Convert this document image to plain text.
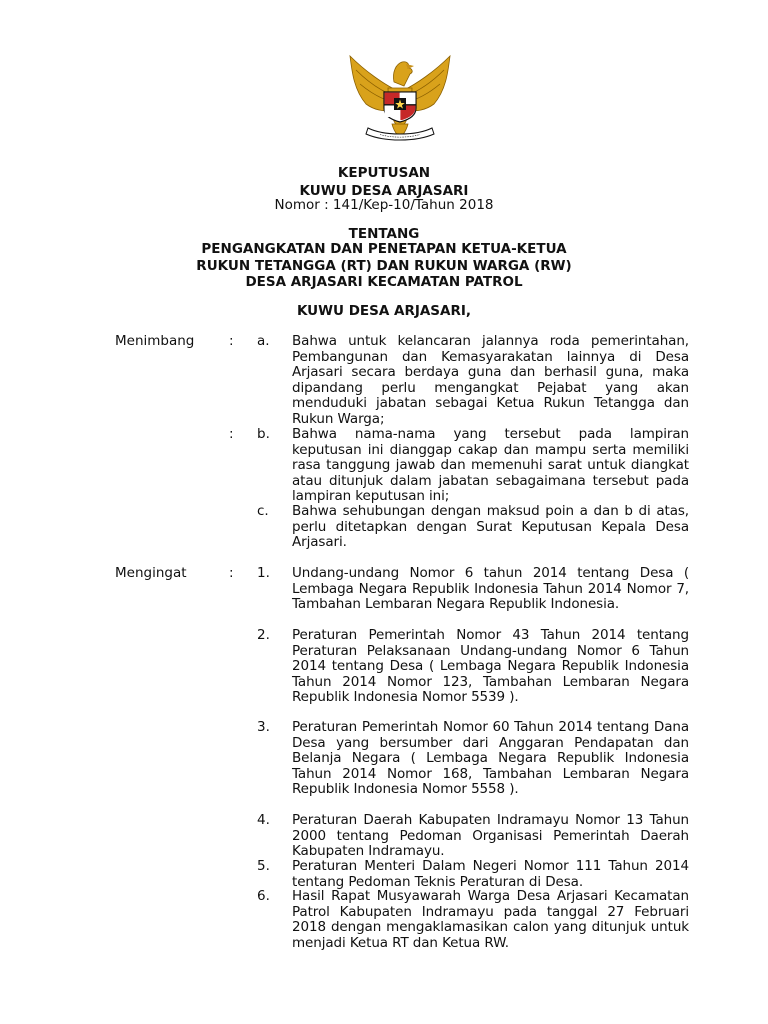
KEPUTUSAN
KUWU DESA ARJASARI
Nomor : 141/Kep-10/Tahun 2018
TENTANG
PENGANGKATAN DAN PENETAPAN KETUA-KETUA
RUKUN TETANGGA (RT) DAN RUKUN WARGA (RW)
DESA ARJASARI KECAMATAN PATROL
KUWU DESA ARJASARI,
Menimbang	: a. Bahwa untuk kelancaran jalannya roda pemerintahan, Pembangunan dan Kemasyarakatan lainnya di Desa Arjasari secara berdaya guna dan berhasil guna, maka dipandang perlu mengangkat Pejabat yang akan menduduki jabatan sebagai Ketua Rukun Tetangga dan Rukun Warga;
: b. Bahwa nama-nama yang tersebut pada lampiran keputusan ini dianggap cakap dan mampu serta memiliki rasa tanggung jawab dan memenuhi sarat untuk diangkat atau ditunjuk dalam jabatan sebagaimana tersebut pada lampiran keputusan ini;
c. Bahwa sehubungan dengan maksud poin a dan b di atas, perlu ditetapkan dengan Surat Keputusan Kepala Desa Arjasari.
Mengingat	: 1. Undang-undang Nomor 6 tahun 2014 tentang Desa ( Lembaga Negara Republik Indonesia Tahun 2014 Nomor 7, Tambahan Lembaran Negara Republik Indonesia.
2. Peraturan Pemerintah Nomor 43 Tahun 2014 tentang Peraturan Pelaksanaan Undang-undang Nomor 6 Tahun 2014 tentang Desa ( Lembaga Negara Republik Indonesia Tahun 2014 Nomor 123, Tambahan Lembaran Negara Republik Indonesia Nomor 5539 ).
3. Peraturan Pemerintah Nomor 60 Tahun 2014 tentang Dana Desa yang bersumber dari Anggaran Pendapatan dan Belanja Negara ( Lembaga Negara Republik Indonesia Tahun 2014 Nomor 168, Tambahan Lembaran Negara Republik Indonesia Nomor 5558 ).
4. Peraturan Daerah Kabupaten Indramayu Nomor 13 Tahun 2000 tentang Pedoman Organisasi Pemerintah Daerah Kabupaten Indramayu.
5. Peraturan Menteri Dalam Negeri Nomor 111 Tahun 2014 tentang Pedoman Teknis Peraturan di Desa.
6. Hasil Rapat Musyawarah Warga Desa Arjasari Kecamatan Patrol Kabupaten Indramayu pada tanggal 27 Februari 2018 dengan mengaklamasikan calon yang ditunjuk untuk menjadi Ketua RT dan Ketua RW.
